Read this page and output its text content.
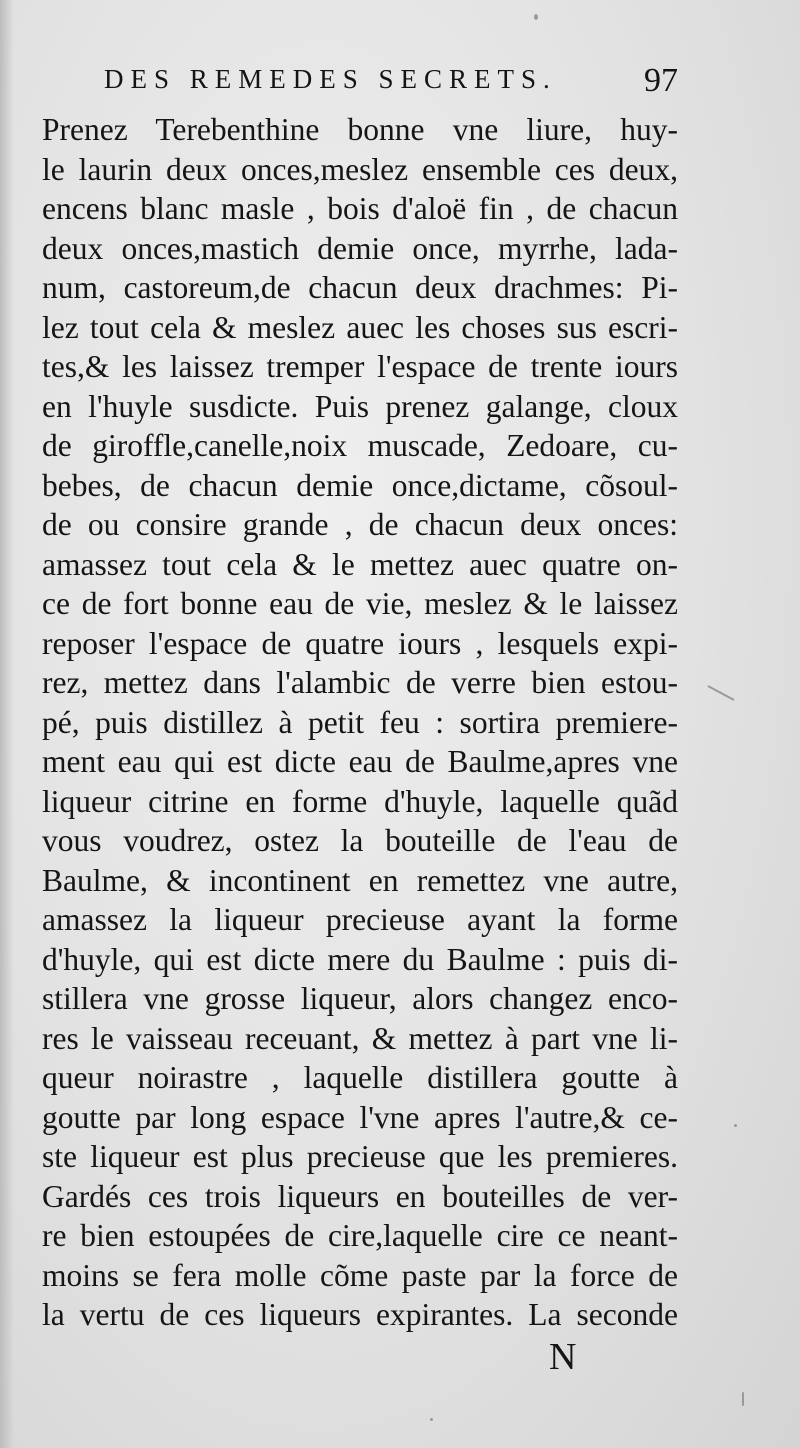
DES REMEDES SECRETS.	97
Prenez Terebenthine bonne vne liure, huy-
le laurin deux onces,meslez ensemble ces deux,
encens blanc masle , bois d'aloë fin , de chacun
deux onces,mastich demie once, myrrhe, lada-
num, castoreum,de chacun deux drachmes: Pi-
lez tout cela & meslez auec les choses sus escri-
tes,& les laissez tremper l'espace de trente iours
en l'huyle susdicte. Puis prenez galange, cloux
de giroffle,canelle,noix muscade, Zedoare, cu-
bebes, de chacun demie once,dictame, cõsoul-
de ou consire grande , de chacun deux onces:
amassez tout cela & le mettez auec quatre on-
ce de fort bonne eau de vie, meslez & le laissez
reposer l'espace de quatre iours , lesquels expi-
rez, mettez dans l'alambic de verre bien estou-
pé, puis distillez à petit feu : sortira premiere-
ment eau qui est dicte eau de Baulme,apres vne
liqueur citrine en forme d'huyle, laquelle quãd
vous voudrez, ostez la bouteille de l'eau de
Baulme, & incontinent en remettez vne autre,
amassez la liqueur precieuse ayant la forme
d'huyle, qui est dicte mere du Baulme : puis di-
stillera vne grosse liqueur, alors changez enco-
res le vaisseau receuant, & mettez à part vne li-
queur noirastre , laquelle distillera goutte à
goutte par long espace l'vne apres l'autre,& ce-
ste liqueur est plus precieuse que les premieres.
Gardés ces trois liqueurs en bouteilles de ver-
re bien estoupées de cire,laquelle cire ce neant-
moins se fera molle cõme paste par la force de
la vertu de ces liqueurs expirantes. La seconde
N
